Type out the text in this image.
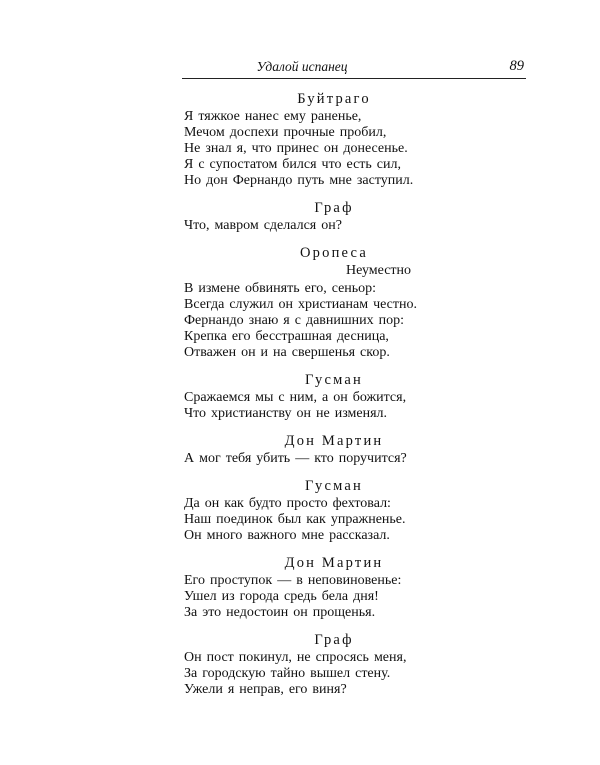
Удалой испанец	89
Буйтраго
Я тяжкое нанес ему раненье,
Мечом доспехи прочные пробил,
Не знал я, что принес он донесенье.
Я с супостатом бился что есть сил,
Но дон Фернандо путь мне заступил.
Граф
Что, мавром сделался он?
Оропеса
Неуместно
В измене обвинять его, сеньор:
Всегда служил он христианам честно.
Фернандо знаю я с давнишних пор:
Крепка его бесстрашная десница,
Отважен он и на свершенья скор.
Гусман
Сражаемся мы с ним, а он божится,
Что христианству он не изменял.
Дон Мартин
А мог тебя убить — кто поручится?
Гусман
Да он как будто просто фехтовал:
Наш поединок был как упражненье.
Он много важного мне рассказал.
Дон Мартин
Его проступок — в неповиновенье:
Ушел из города средь бела дня!
За это недостоин он прощенья.
Граф
Он пост покинул, не спросясь меня,
За городскую тайно вышел стену.
Ужели я неправ, его виня?
